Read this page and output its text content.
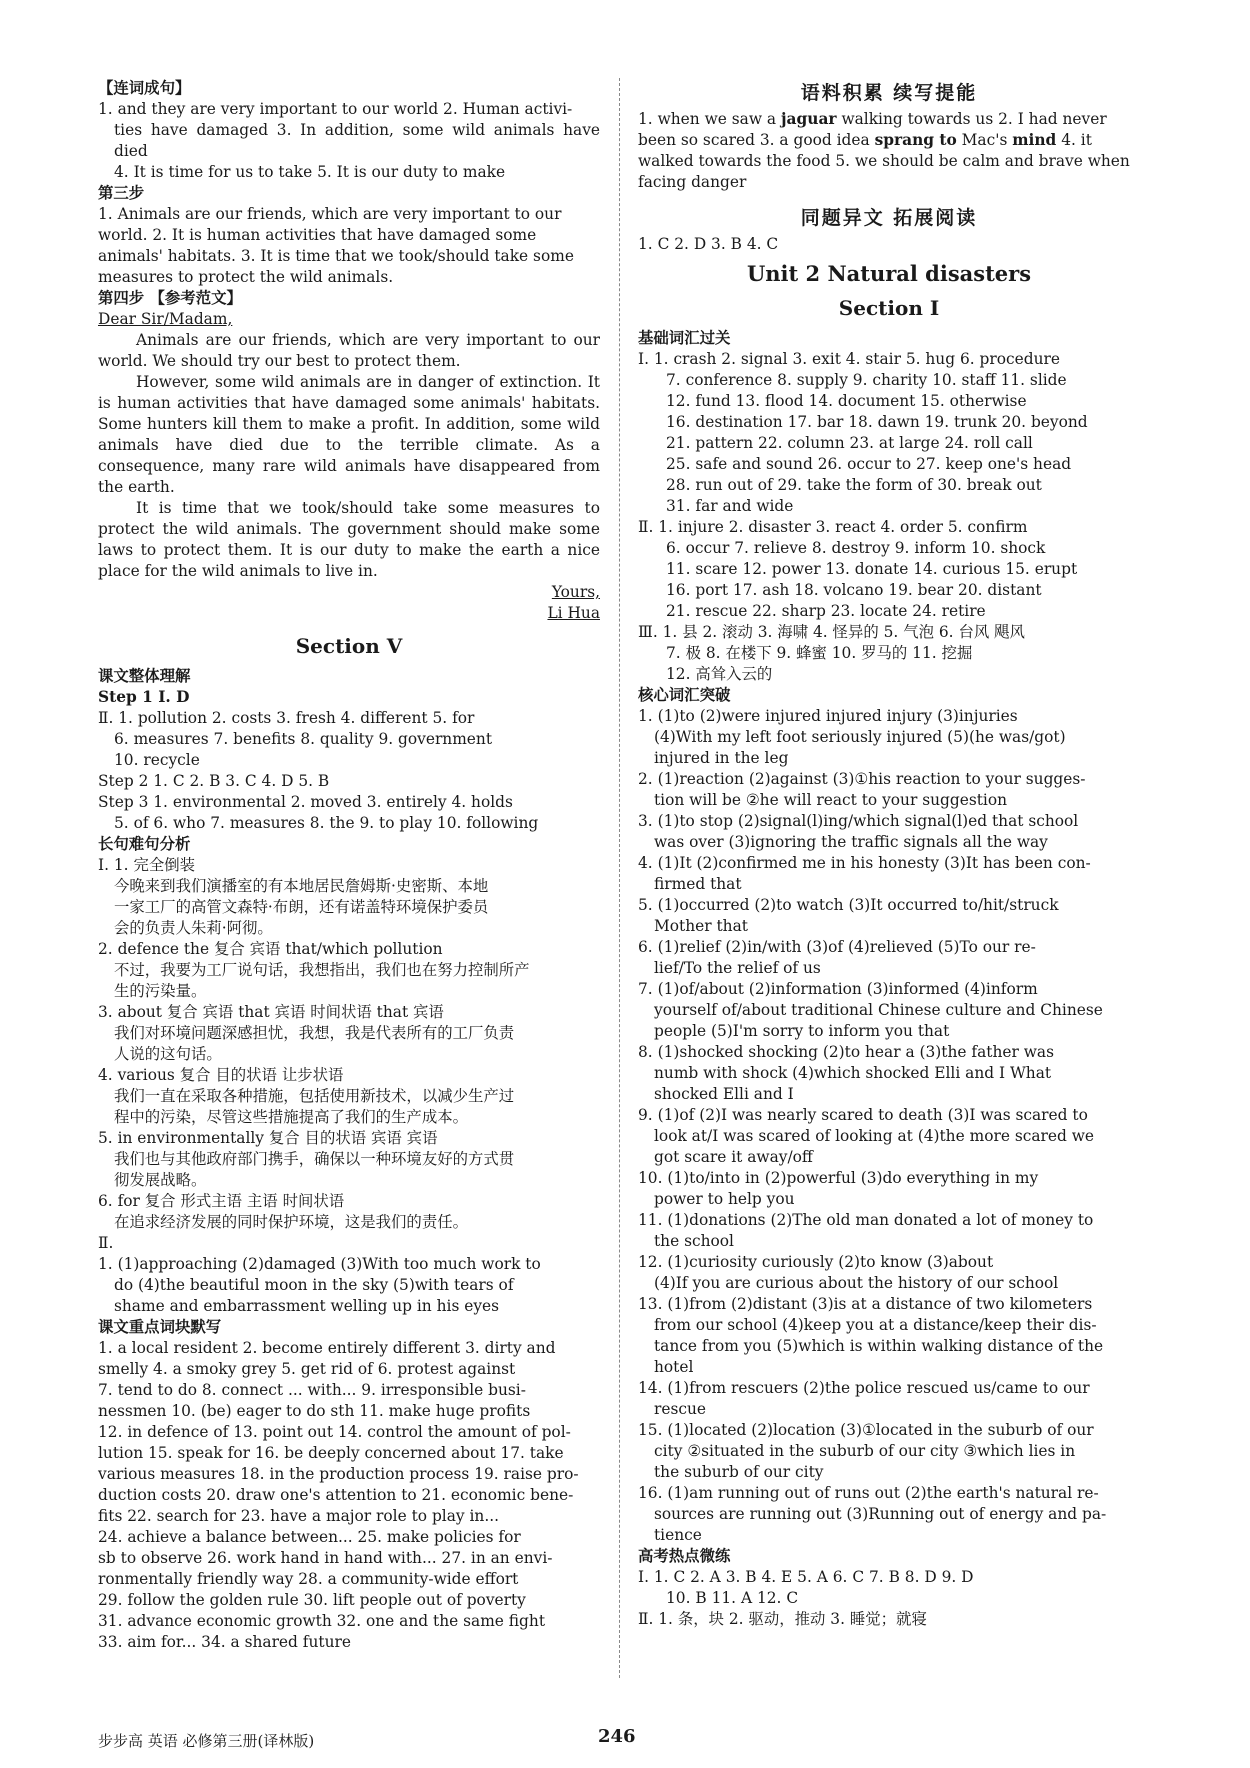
【连词成句】

1. and they are very important to our world 2. Human activi-

ties have damaged 3. In addition, some wild animals have died

4. It is time for us to take 5. It is our duty to make

第三步

1. Animals are our friends, which are very important to our

world. 2. It is human activities that have damaged some

animals' habitats. 3. It is time that we took/should take some

measures to protect the wild animals.

第四步 【参考范文】

Dear Sir/Madam,

Animals are our friends, which are very important to our world. We should try our best to protect them.

However, some wild animals are in danger of extinction. It is human activities that have damaged some animals' habitats. Some hunters kill them to make a profit. In addition, some wild animals have died due to the terrible climate. As a consequence, many rare wild animals have disappeared from the earth.

It is time that we took/should take some measures to protect the wild animals. The government should make some laws to protect them. It is our duty to make the earth a nice place for the wild animals to live in.

Yours,

Li Hua

Section Ⅴ

课文整体理解

Step 1 Ⅰ. D

Ⅱ. 1. pollution 2. costs 3. fresh 4. different 5. for

6. measures 7. benefits 8. quality 9. government

10. recycle

Step 2 1. C 2. B 3. C 4. D 5. B

Step 3 1. environmental 2. moved 3. entirely 4. holds

5. of 6. who 7. measures 8. the 9. to play 10. following

长句难句分析

Ⅰ. 1. 完全倒装

今晚来到我们演播室的有本地居民詹姆斯·史密斯、本地

一家工厂的高管文森特·布朗，还有诺盖特环境保护委员

会的负责人朱莉·阿彻。

2. defence the 复合 宾语 that/which pollution

不过，我要为工厂说句话，我想指出，我们也在努力控制所产

生的污染量。

3. about 复合 宾语 that 宾语 时间状语 that 宾语

我们对环境问题深感担忧，我想，我是代表所有的工厂负责

人说的这句话。

4. various 复合 目的状语 让步状语

我们一直在采取各种措施，包括使用新技术，以减少生产过

程中的污染，尽管这些措施提高了我们的生产成本。

5. in environmentally 复合 目的状语 宾语 宾语

我们也与其他政府部门携手，确保以一种环境友好的方式贯

彻发展战略。

6. for 复合 形式主语 主语 时间状语

在追求经济发展的同时保护环境，这是我们的责任。

Ⅱ.

1. (1)approaching (2)damaged (3)With too much work to

do (4)the beautiful moon in the sky (5)with tears of

shame and embarrassment welling up in his eyes

课文重点词块默写

1. a local resident 2. become entirely different 3. dirty and

smelly 4. a smoky grey 5. get rid of 6. protest against

7. tend to do 8. connect ... with... 9. irresponsible busi-

nessmen 10. (be) eager to do sth 11. make huge profits

12. in defence of 13. point out 14. control the amount of pol-

lution 15. speak for 16. be deeply concerned about 17. take

various measures 18. in the production process 19. raise pro-

duction costs 20. draw one's attention to 21. economic bene-

fits 22. search for 23. have a major role to play in...

24. achieve a balance between... 25. make policies for

sb to observe 26. work hand in hand with... 27. in an envi-

ronmentally friendly way 28. a community-wide effort

29. follow the golden rule 30. lift people out of poverty

31. advance economic growth 32. one and the same fight

33. aim for... 34. a shared future

语料积累 续写提能

1. when we saw a jaguar walking towards us 2. I had never

been so scared 3. a good idea sprang to Mac's mind 4. it

walked towards the food 5. we should be calm and brave when

facing danger

同题异文 拓展阅读

1. C 2. D 3. B 4. C

Unit 2 Natural disasters
Section Ⅰ

基础词汇过关

Ⅰ. 1. crash 2. signal 3. exit 4. stair 5. hug 6. procedure

7. conference 8. supply 9. charity 10. staff 11. slide

12. fund 13. flood 14. document 15. otherwise

16. destination 17. bar 18. dawn 19. trunk 20. beyond

21. pattern 22. column 23. at large 24. roll call

25. safe and sound 26. occur to 27. keep one's head

28. run out of 29. take the form of 30. break out

31. far and wide

Ⅱ. 1. injure 2. disaster 3. react 4. order 5. confirm

6. occur 7. relieve 8. destroy 9. inform 10. shock

11. scare 12. power 13. donate 14. curious 15. erupt

16. port 17. ash 18. volcano 19. bear 20. distant

21. rescue 22. sharp 23. locate 24. retire

Ⅲ. 1. 县 2. 滚动 3. 海啸 4. 怪异的 5. 气泡 6. 台风 飓风

7. 极 8. 在楼下 9. 蜂蜜 10. 罗马的 11. 挖掘

12. 高耸入云的

核心词汇突破

1. (1)to (2)were injured injured injury (3)injuries

(4)With my left foot seriously injured (5)(he was/got)

injured in the leg

2. (1)reaction (2)against (3)①his reaction to your sugges-

tion will be ②he will react to your suggestion

3. (1)to stop (2)signal(l)ing/which signal(l)ed that school

was over (3)ignoring the traffic signals all the way

4. (1)It (2)confirmed me in his honesty (3)It has been con-

firmed that

5. (1)occurred (2)to watch (3)It occurred to/hit/struck

Mother that

6. (1)relief (2)in/with (3)of (4)relieved (5)To our re-

lief/To the relief of us

7. (1)of/about (2)information (3)informed (4)inform

yourself of/about traditional Chinese culture and Chinese

people (5)I'm sorry to inform you that

8. (1)shocked shocking (2)to hear a (3)the father was

numb with shock (4)which shocked Elli and I What

shocked Elli and I

9. (1)of (2)I was nearly scared to death (3)I was scared to

look at/I was scared of looking at (4)the more scared we

got scare it away/off

10. (1)to/into in (2)powerful (3)do everything in my

power to help you

11. (1)donations (2)The old man donated a lot of money to

the school

12. (1)curiosity curiously (2)to know (3)about

(4)If you are curious about the history of our school

13. (1)from (2)distant (3)is at a distance of two kilometers

from our school (4)keep you at a distance/keep their dis-

tance from you (5)which is within walking distance of the

hotel

14. (1)from rescuers (2)the police rescued us/came to our

rescue

15. (1)located (2)location (3)①located in the suburb of our

city ②situated in the suburb of our city ③which lies in

the suburb of our city

16. (1)am running out of runs out (2)the earth's natural re-

sources are running out (3)Running out of energy and pa-

tience

高考热点微练

Ⅰ. 1. C 2. A 3. B 4. E 5. A 6. C 7. B 8. D 9. D

10. B 11. A 12. C

Ⅱ. 1. 条，块 2. 驱动，推动 3. 睡觉；就寝

步步高 英语 必修第三册(译林版)	246
